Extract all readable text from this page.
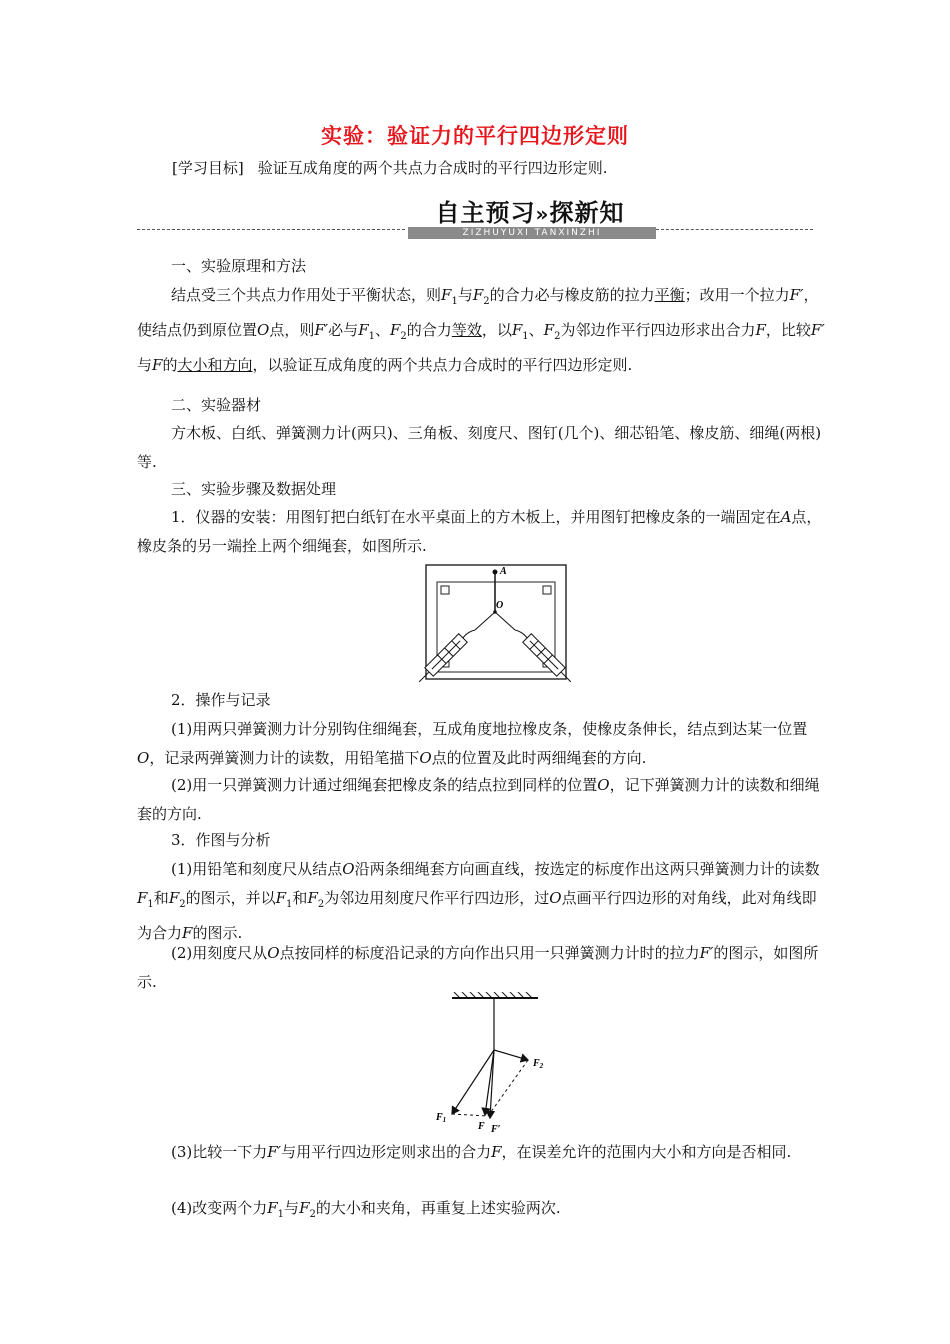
实验：验证力的平行四边形定则
[学习目标] 验证互成角度的两个共点力合成时的平行四边形定则.
自主预习»探新知
ZIZHUYUXI TANXINZHI
一、实验原理和方法
结点受三个共点力作用处于平衡状态，则$F_1$与$F_2$的合力必与橡皮筋的拉力平衡；改用一个拉力F′，使结点仍到原位置O点，则F′必与$F_1$、$F_2$的合力等效，以$F_1$、$F_2$为邻边作平行四边形求出合力F，比较F′与F的大小和方向，以验证互成角度的两个共点力合成时的平行四边形定则.
二、实验器材
方木板、白纸、弹簧测力计(两只)、三角板、刻度尺、图钉(几个)、细芯铅笔、橡皮筋、细绳(两根)等.
三、实验步骤及数据处理
1．仪器的安装：用图钉把白纸钉在水平桌面上的方木板上，并用图钉把橡皮条的一端固定在A点，橡皮条的另一端拴上两个细绳套，如图所示.
A
O
2．操作与记录
(1)用两只弹簧测力计分别钩住细绳套，互成角度地拉橡皮条，使橡皮条伸长，结点到达某一位置O，记录两弹簧测力计的读数，用铅笔描下O点的位置及此时两细绳套的方向.
(2)用一只弹簧测力计通过细绳套把橡皮条的结点拉到同样的位置O，记下弹簧测力计的读数和细绳套的方向.
3．作图与分析
(1)用铅笔和刻度尺从结点O沿两条细绳套方向画直线，按选定的标度作出这两只弹簧测力计的读数$F_1$和$F_2$的图示，并以$F_1$和$F_2$为邻边用刻度尺作平行四边形，过O点画平行四边形的对角线，此对角线即为合力F的图示.
(2)用刻度尺从O点按同样的标度沿记录的方向作出只用一只弹簧测力计时的拉力F′的图示，如图所示.
$F_2$
$F_1$
F F′
(3)比较一下力F′与用平行四边形定则求出的合力F，在误差允许的范围内大小和方向是否相同.
(4)改变两个力$F_1$与$F_2$的大小和夹角，再重复上述实验两次.
